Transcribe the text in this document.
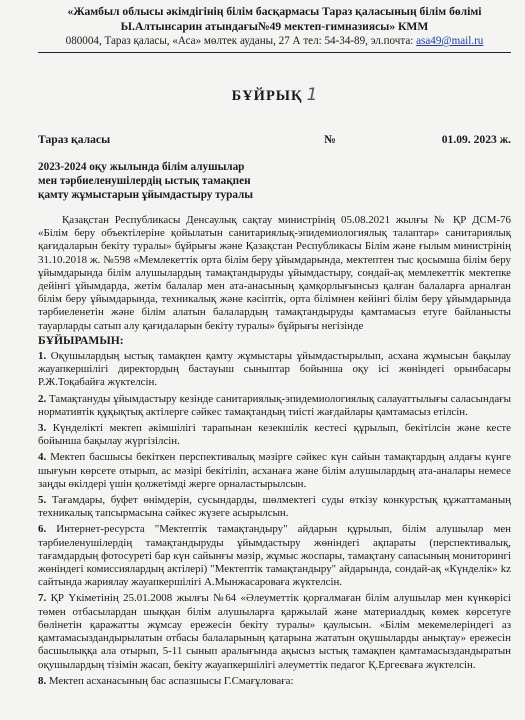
«Жамбыл облысы әкімдігінің білім басқармасы Тараз қаласының білім бөлімі
Ы.Алтынсарин атындағы№49 мектеп-гимназиясы» КММ
080004, Тараз қаласы, «Аса» мөлтек ауданы, 27 А тел: 54-34-89, эл.почта: asa49@mail.ru
БҰЙРЫҚ 1
Тараз қаласы	№	01.09. 2023 ж.
2023-2024 оқу жылында білім алушылар
мен тәрбиеленушілердің ыстық тамақпен
қамту жұмыстарын ұйымдастыру туралы

Қазақстан Республикасы Денсаулық сақтау министрінің 05.08.2021 жылғы № ҚР ДСМ-76 «Білім беру объектілеріне қойылатын санитариялық-эпидемиологиялық талаптар» санитариялық қағидаларын бекіту туралы» бұйрығы және Қазақстан Республикасы Білім және ғылым министрінің 31.10.2018 ж. №598 «Мемлекеттік орта білім беру ұйымдарында, мектептен тыс қосымша білім беру ұйымдарында білім алушылардың тамақтандыруды ұйымдастыру, сондай-ақ мемлекеттік мектепке дейінгі ұйымдарда, жетім балалар мен ата-анасының қамқорлығынсыз қалған балаларға арналған білім беру ұйымдарында, техникалық және кәсіптік, орта білімнен кейінгі білім беру ұйымдарында тәрбиеленетін және білім алатын балалардың тамақтандыруды қамтамасыз етуге байланысты тауарларды сатып алу қағидаларын бекіту туралы» бұйрығы негізінде

БҰЙЫРАМЫН:

1. Оқушылардың ыстық тамақпен қамту жұмыстары ұйымдастырылып, асхана жұмысын бақылау жауапкершілігі директордың бастауыш сыныптар бойынша оқу ісі жөніндегі орынбасары Р.Ж.Тоқабайға жүктелсін.

2. Тамақтануды ұйымдастыру кезінде санитариялық-эпидемиологиялық салауаттылығы саласындағы нормативтік құқықтық актілерге сәйкес тамақтандың тиісті жағдайлары қамтамасыз етілсін.

3. Күнделікті мектеп әкімшілігі тарапынан кезекшілік кестесі құрылып, бекітілсін және кесте бойынша бақылау жүргізілсін.

4. Мектеп басшысы бекіткен перспективалық мәзірге сәйкес күн сайын тамақтардың алдағы күнге шығуын көрсете отырып, ас мәзірі бекітіліп, асханаға және білім алушылардың ата-аналары немесе заңды өкілдері үшін қолжетімді жерге орналастырылсын.

5. Тағамдары, буфет өнімдерін, сусындарды, шөлмектегі суды өткізу конкурстық құжаттаманың техникалық тапсырмасына сәйкес жүзеге асырылсын.

6. Интернет-ресурста "Мектептік тамақтандыру" айдарын құрылып, білім алушылар мен тәрбиеленушілердің тамақтандыруды ұйымдастыру жөніндегі ақпараты (перспективалық, тағамдардың фотосуреті бар күн сайынғы мәзір, жұмыс жоспары, тамақтану сапасының мониторингі жөніндегі комиссиялардың актілері) "Мектептік тамақтандыру" айдарында, сондай-ақ «Күнделік» kz сайтында жариялау жауапкершілігі А.Мынжасароваға жүктелсін.

7. ҚР Үкіметінің 25.01.2008 жылғы №64 «Әлеуметтік қорғалмаған білім алушылар мен күнкөрісі төмен отбасылардан шыққан білім алушыларға қаржылай және материалдық көмек көрсетуге бөлінетін қаражатты жұмсау ережесін бекіту туралы» қаулысын. «Білім мекемелеріндегі аз қамтамасыздандырылатын отбасы балаларының қатарына жататын оқушыларды анықтау» ережесін басшылыққа ала отырып, 5-11 сынып аралығында ақысыз ыстық тамақпен қамтамасыздандыратын оқушылардың тізімін жасап, бекіту жауапкершілігі әлеуметтік педагог Қ.Ергеєваға жүктелсін.

8. Мектеп асханасының бас аспазшысы Г.Смағұловаға:
